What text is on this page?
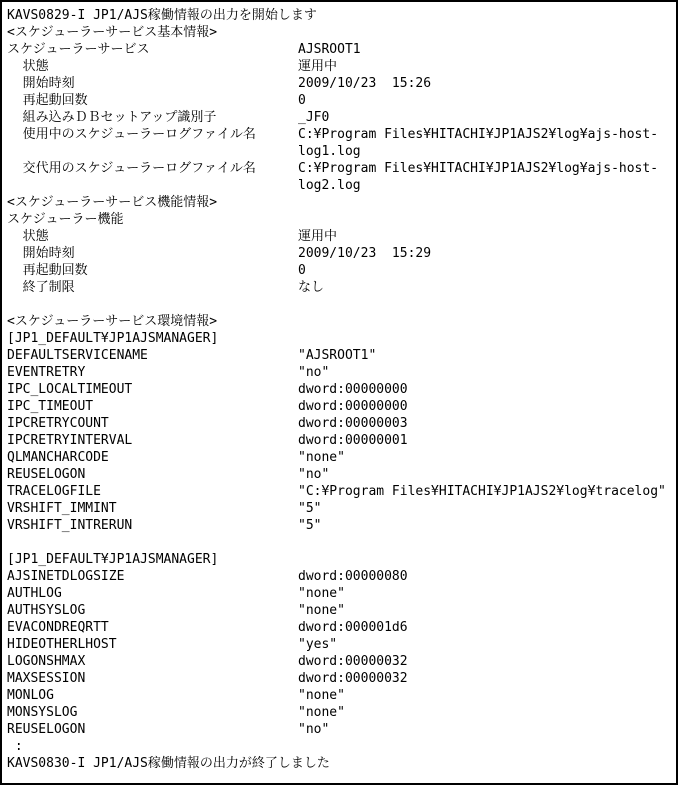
KAVS0829-I JP1/AJS稼働情報の出力を開始します
<スケジューラーサービス基本情報>
スケジューラーサービス	AJSROOT1
状態	運用中
開始時刻	2009/10/23  15:26
再起動回数	0
組み込みＤＢセットアップ識別子	_JF0
使用中のスケジューラーログファイル名	C:¥Program Files¥HITACHI¥JP1AJS2¥log¥ajs-host-
log1.log
交代用のスケジューラーログファイル名	C:¥Program Files¥HITACHI¥JP1AJS2¥log¥ajs-host-
log2.log
<スケジューラーサービス機能情報>
スケジューラー機能
状態	運用中
開始時刻	2009/10/23  15:29
再起動回数	0
終了制限	なし
<スケジューラーサービス環境情報>
[JP1_DEFAULT¥JP1AJSMANAGER]
DEFAULTSERVICENAME	"AJSROOT1"
EVENTRETRY	"no"
IPC_LOCALTIMEOUT	dword:00000000
IPC_TIMEOUT	dword:00000000
IPCRETRYCOUNT	dword:00000003
IPCRETRYINTERVAL	dword:00000001
QLMANCHARCODE	"none"
REUSELOGON	"no"
TRACELOGFILE	"C:¥Program Files¥HITACHI¥JP1AJS2¥log¥tracelog"
VRSHIFT_IMMINT	"5"
VRSHIFT_INTRERUN	"5"
[JP1_DEFAULT¥JP1AJSMANAGER]
AJSINETDLOGSIZE	dword:00000080
AUTHLOG	"none"
AUTHSYSLOG	"none"
EVACONDREQRTT	dword:000001d6
HIDEOTHERLHOST	"yes"
LOGONSHMAX	dword:00000032
MAXSESSION	dword:00000032
MONLOG	"none"
MONSYSLOG	"none"
REUSELOGON	"no"
:
KAVS0830-I JP1/AJS稼働情報の出力が終了しました
